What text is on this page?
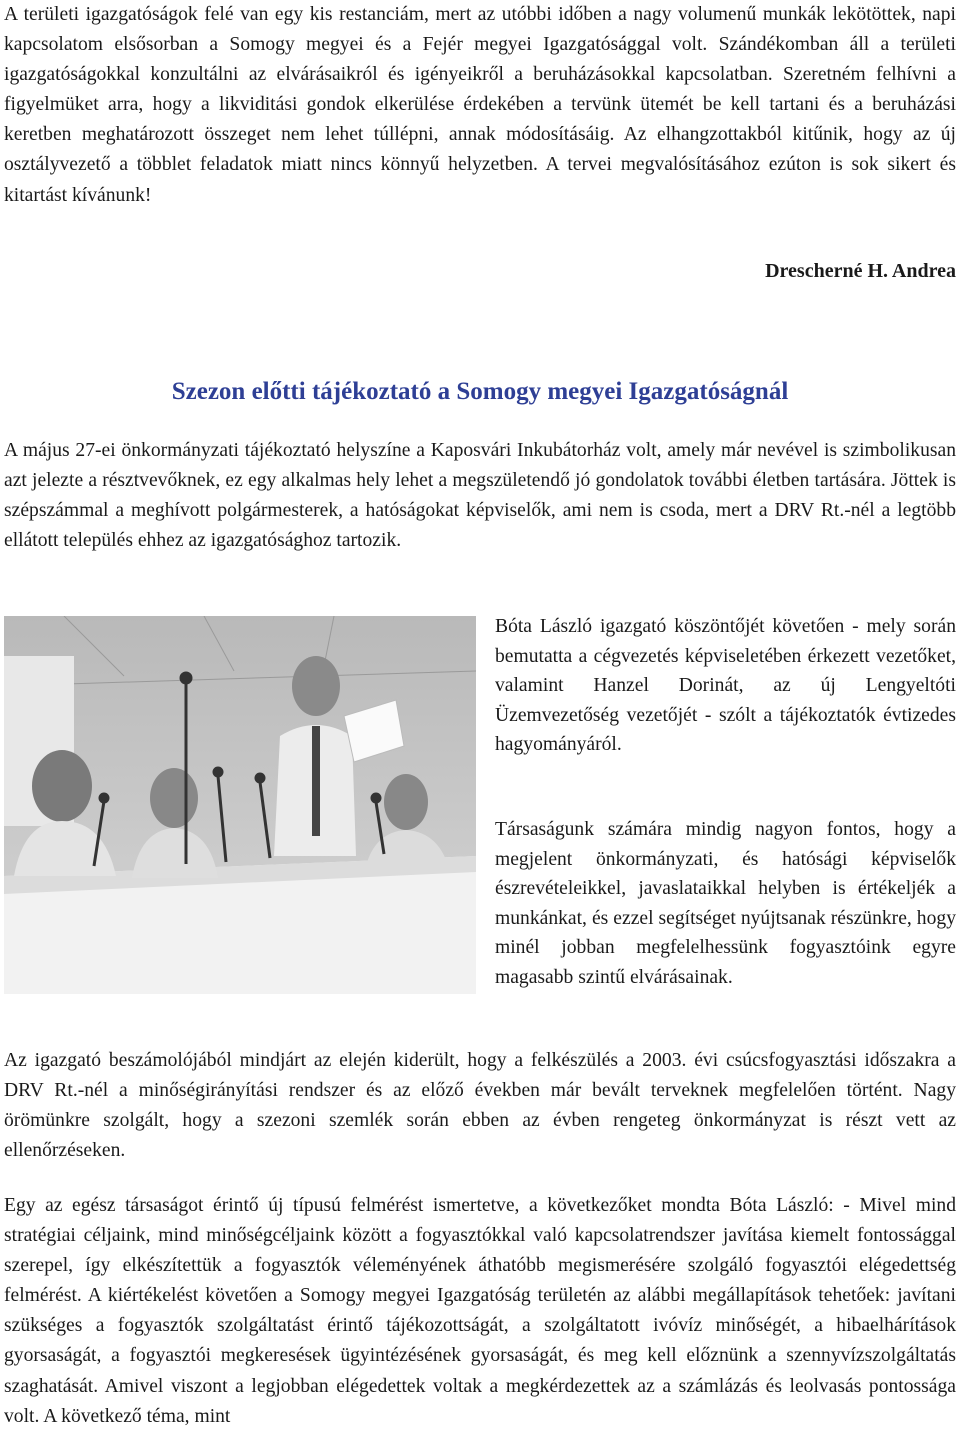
A területi igazgatóságok felé van egy kis restanciám, mert az utóbbi időben a nagy volumenű munkák lekötöttek, napi kapcsolatom elsősorban a Somogy megyei és a Fejér megyei Igazgatósággal volt. Szándékomban áll a területi igazgatóságokkal konzultálni az elvárásaikról és igényeikről a beruházásokkal kapcsolatban. Szeretném felhívni a figyelmüket arra, hogy a likviditási gondok elkerülése érdekében a tervünk ütemét be kell tartani és a beruházási keretben meghatározott összeget nem lehet túllépni, annak módosításáig. Az elhangzottakból kitűnik, hogy az új osztályvezető a többlet feladatok miatt nincs könnyű helyzetben. A tervei megvalósításához ezúton is sok sikert és kitartást kívánunk!

Drescherné H. Andrea

Szezon előtti tájékoztató a Somogy megyei Igazgatóságnál

A május 27-ei önkormányzati tájékoztató helyszíne a Kaposvári Inkubátorház volt, amely már nevével is szimbolikusan azt jelezte a résztvevőknek, ez egy alkalmas hely lehet a megszületendő jó gondolatok további életben tartására. Jöttek is szépszámmal a meghívott polgármesterek, a hatóságokat képviselők, ami nem is csoda, mert a DRV Rt.-nél a legtöbb ellátott település ehhez az igazgatósághoz tartozik.

Bóta László igazgató köszöntőjét követően - mely során bemutatta a cégvezetés képviseletében érkezett vezetőket, valamint Hanzel Dorinát, az új Lengyeltóti Üzemvezetőség vezetőjét - szólt a tájékoztatók évtizedes hagyományáról.

Társaságunk számára mindig nagyon fontos, hogy a megjelent önkormányzati, és hatósági képviselők észrevételeikkel, javaslataikkal helyben is értékeljék a munkánkat, és ezzel segítséget nyújtsanak részünkre, hogy minél jobban megfelelhessünk fogyasztóink egyre magasabb szintű elvárásainak.

Az igazgató beszámolójából mindjárt az elején kiderült, hogy a felkészülés a 2003. évi csúcsfogyasztási időszakra a DRV Rt.-nél a minőségirányítási rendszer és az előző években már bevált terveknek megfelelően történt. Nagy örömünkre szolgált, hogy a szezoni szemlék során ebben az évben rengeteg önkormányzat is részt vett az ellenőrzéseken.

Egy az egész társaságot érintő új típusú felmérést ismertetve, a következőket mondta Bóta László: - Mivel mind stratégiai céljaink, mind minőségcéljaink között a fogyasztókkal való kapcsolatrendszer javítása kiemelt fontossággal szerepel, így elkészítettük a fogyasztók véleményének áthatóbb megismerésére szolgáló fogyasztói elégedettség felmérést. A kiértékelést követően a Somogy megyei Igazgatóság területén az alábbi megállapítások tehetőek: javítani szükséges a fogyasztók szolgáltatást érintő tájékozottságát, a szolgáltatott ivóvíz minőségét, a hibaelhárítások gyorsaságát, a fogyasztói megkeresések ügyintézésének gyorsaságát, és meg kell előznünk a szennyvízszolgáltatás szaghatását. Amivel viszont a legjobban elégedettek voltak a megkérdezettek az a számlázás és leolvasás pontossága volt. A következő téma, mint
